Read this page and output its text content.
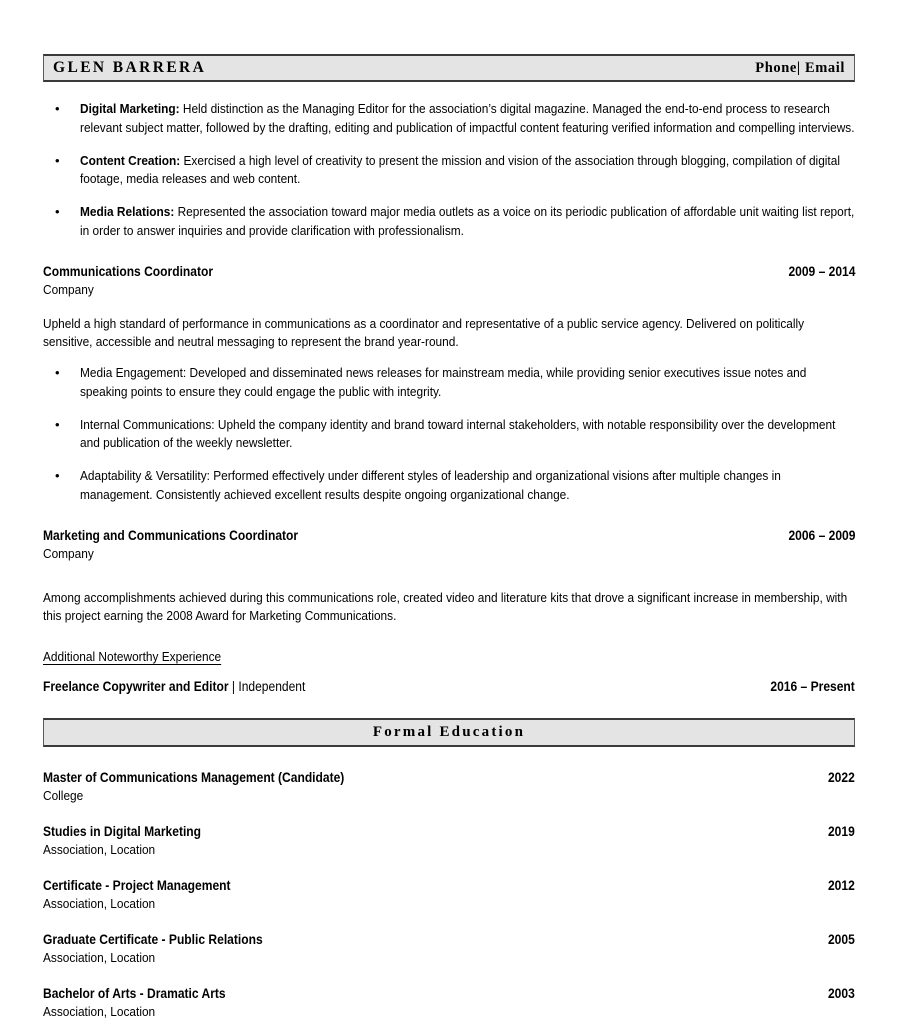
GLEN BARRERA	Phone| Email
• Digital Marketing: Held distinction as the Managing Editor for the association’s digital magazine. Managed the end-to-end process to research relevant subject matter, followed by the drafting, editing and publication of impactful content featuring verified information and compelling interviews.
• Content Creation: Exercised a high level of creativity to present the mission and vision of the association through blogging, compilation of digital footage, media releases and web content.
• Media Relations: Represented the association toward major media outlets as a voice on its periodic publication of affordable unit waiting list report, in order to answer inquiries and provide clarification with professionalism.
Communications Coordinator	2009 – 2014
Company
Upheld a high standard of performance in communications as a coordinator and representative of a public service agency. Delivered on politically sensitive, accessible and neutral messaging to represent the brand year-round.
• Media Engagement: Developed and disseminated news releases for mainstream media, while providing senior executives issue notes and speaking points to ensure they could engage the public with integrity.
• Internal Communications: Upheld the company identity and brand toward internal stakeholders, with notable responsibility over the development and publication of the weekly newsletter.
• Adaptability & Versatility: Performed effectively under different styles of leadership and organizational visions after multiple changes in management. Consistently achieved excellent results despite ongoing organizational change.
Marketing and Communications Coordinator	2006 – 2009
Company
Among accomplishments achieved during this communications role, created video and literature kits that drove a significant increase in membership, with this project earning the 2008 Award for Marketing Communications.
Additional Noteworthy Experience
Freelance Copywriter and Editor | Independent	2016 – Present
Formal Education
Master of Communications Management (Candidate)	2022
College
Studies in Digital Marketing	2019
Association, Location
Certificate - Project Management	2012
Association, Location
Graduate Certificate - Public Relations	2005
Association, Location
Bachelor of Arts - Dramatic Arts	2003
Association, Location
